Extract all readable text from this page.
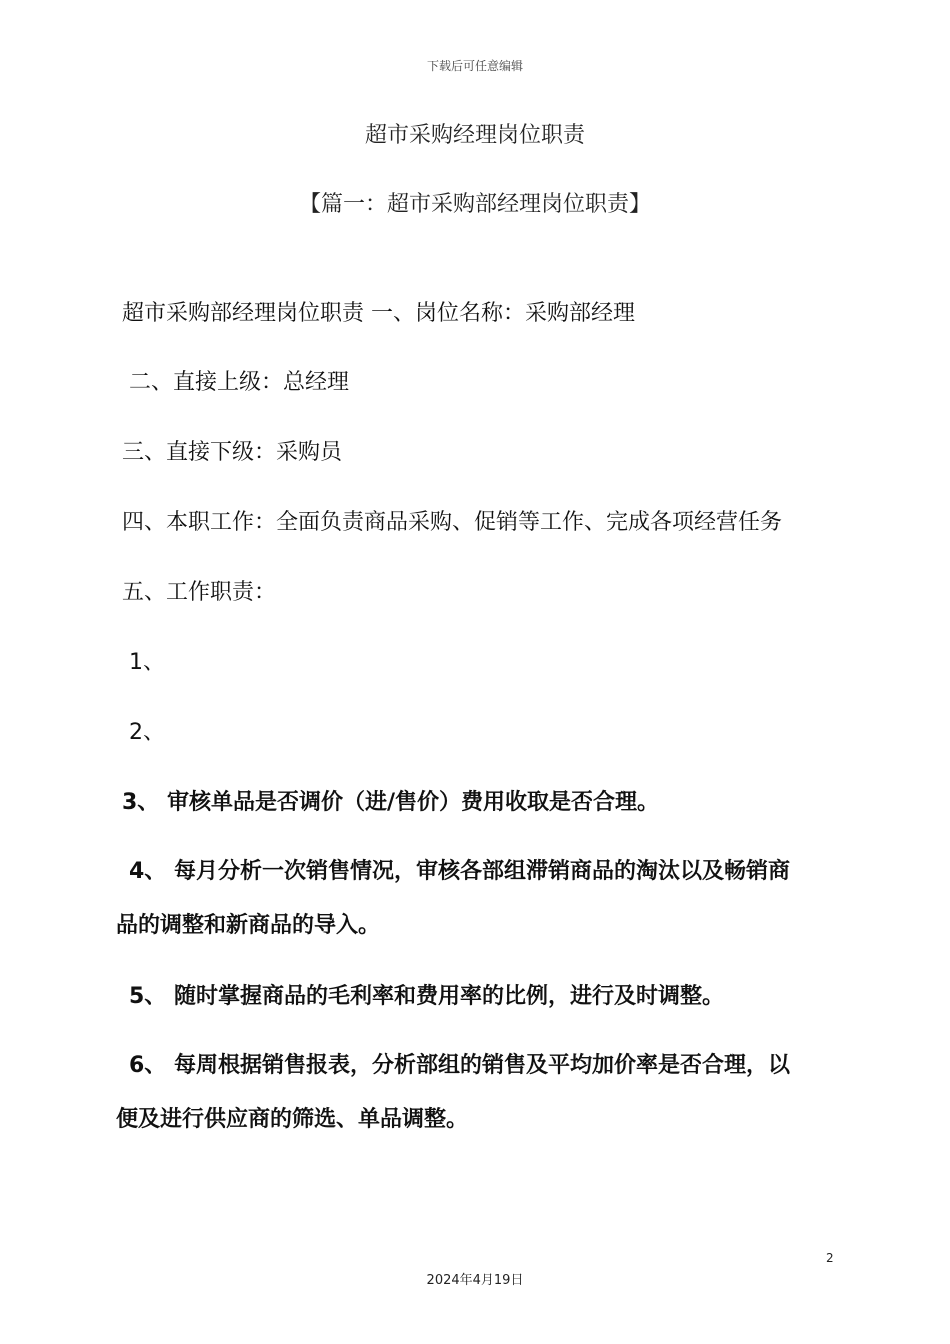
下载后可任意编辑
超市采购经理岗位职责
【篇一：超市采购部经理岗位职责】
超市采购部经理岗位职责 一、岗位名称：采购部经理
二、直接上级：总经理
三、直接下级：采购员
四、本职工作：全面负责商品采购、促销等工作、完成各项经营任务
五、工作职责：
1、
2、
3、 审核单品是否调价（进/售价）费用收取是否合理。
4、 每月分析一次销售情况，审核各部组滞销商品的淘汰以及畅销商
品的调整和新商品的导入。
5、 随时掌握商品的毛利率和费用率的比例，进行及时调整。
6、 每周根据销售报表，分析部组的销售及平均加价率是否合理，以
便及进行供应商的筛选、单品调整。
2
2024年4月19日
